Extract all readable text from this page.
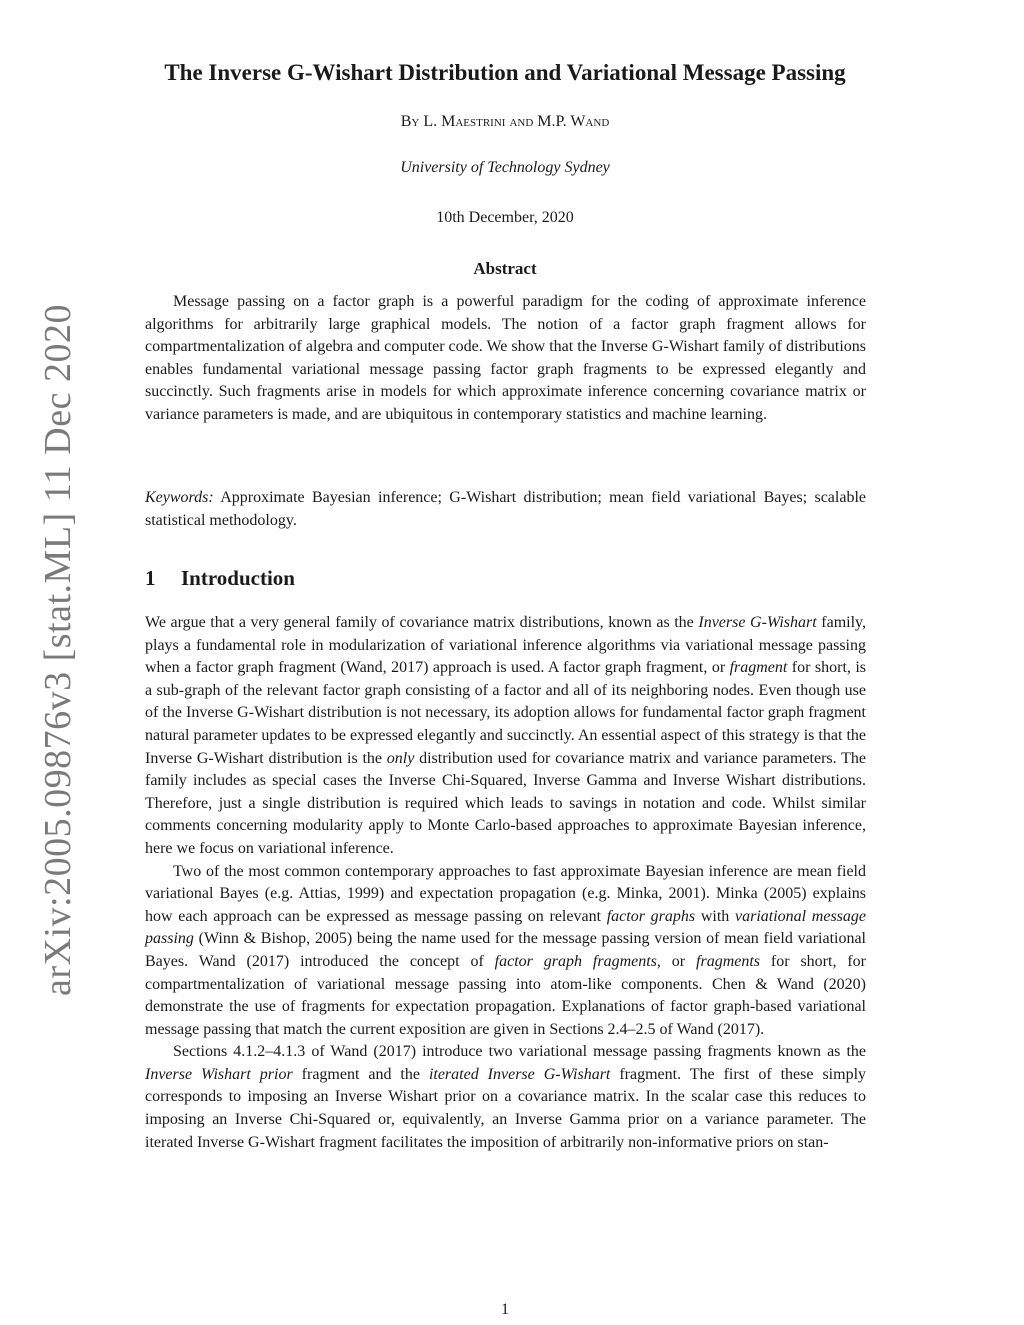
arXiv:2005.09876v3 [stat.ML] 11 Dec 2020
The Inverse G-Wishart Distribution and Variational Message Passing
By L. Maestrini and M.P. Wand
University of Technology Sydney
10th December, 2020
Abstract

Message passing on a factor graph is a powerful paradigm for the coding of approximate inference algorithms for arbitrarily large graphical models. The notion of a factor graph fragment allows for compartmentalization of algebra and computer code. We show that the Inverse G-Wishart family of distributions enables fundamental variational message passing factor graph fragments to be expressed elegantly and succinctly. Such fragments arise in models for which approximate inference concerning covariance matrix or variance parameters is made, and are ubiquitous in contemporary statistics and machine learning.

Keywords: Approximate Bayesian inference; G-Wishart distribution; mean field variational Bayes; scalable statistical methodology.

1 Introduction

We argue that a very general family of covariance matrix distributions, known as the Inverse G-Wishart family, plays a fundamental role in modularization of variational inference algorithms via variational message passing when a factor graph fragment (Wand, 2017) approach is used. A factor graph fragment, or fragment for short, is a sub-graph of the relevant factor graph consisting of a factor and all of its neighboring nodes. Even though use of the Inverse G-Wishart distribution is not necessary, its adoption allows for fundamental factor graph fragment natural parameter updates to be expressed elegantly and succinctly. An essential aspect of this strategy is that the Inverse G-Wishart distribution is the only distribution used for covariance matrix and variance parameters. The family includes as special cases the Inverse Chi-Squared, Inverse Gamma and Inverse Wishart distributions. Therefore, just a single distribution is required which leads to savings in notation and code. Whilst similar comments concerning modularity apply to Monte Carlo-based approaches to approximate Bayesian inference, here we focus on variational inference.

Two of the most common contemporary approaches to fast approximate Bayesian inference are mean field variational Bayes (e.g. Attias, 1999) and expectation propagation (e.g. Minka, 2001). Minka (2005) explains how each approach can be expressed as message passing on relevant factor graphs with variational message passing (Winn & Bishop, 2005) being the name used for the message passing version of mean field variational Bayes. Wand (2017) introduced the concept of factor graph fragments, or fragments for short, for compartmentalization of variational message passing into atom-like components. Chen & Wand (2020) demonstrate the use of fragments for expectation propagation. Explanations of factor graph-based variational message passing that match the current exposition are given in Sections 2.4–2.5 of Wand (2017).

Sections 4.1.2–4.1.3 of Wand (2017) introduce two variational message passing fragments known as the Inverse Wishart prior fragment and the iterated Inverse G-Wishart fragment. The first of these simply corresponds to imposing an Inverse Wishart prior on a covariance matrix. In the scalar case this reduces to imposing an Inverse Chi-Squared or, equivalently, an Inverse Gamma prior on a variance parameter. The iterated Inverse G-Wishart fragment facilitates the imposition of arbitrarily non-informative priors on stan-

1
